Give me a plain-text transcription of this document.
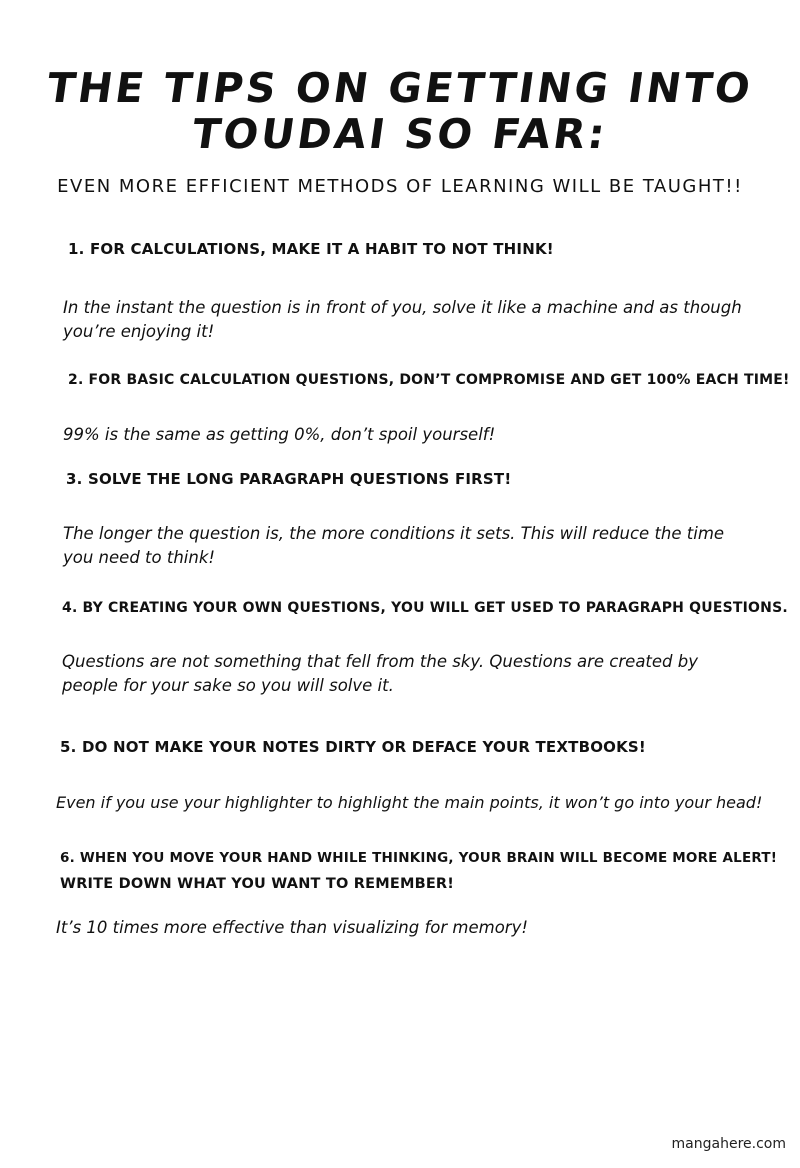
THE TIPS ON GETTING INTO
TOUDAI SO FAR:

EVEN MORE EFFICIENT METHODS OF LEARNING WILL BE TAUGHT!!

1. FOR CALCULATIONS, MAKE IT A HABIT TO NOT THINK!

In the instant the question is in front of you, solve it like a machine and as though you’re enjoying it!

2. FOR BASIC CALCULATION QUESTIONS, DON’T COMPROMISE AND GET 100% EACH TIME!

99% is the same as getting 0%, don’t spoil yourself!

3. SOLVE THE LONG PARAGRAPH QUESTIONS FIRST!

The longer the question is, the more conditions it sets. This will reduce the time you need to think!

4. BY CREATING YOUR OWN QUESTIONS, YOU WILL GET USED TO PARAGRAPH QUESTIONS.

Questions are not something that fell from the sky. Questions are created by people for your sake so you will solve it.

5. DO NOT MAKE YOUR NOTES DIRTY OR DEFACE YOUR TEXTBOOKS!

Even if you use your highlighter to highlight the main points, it won’t go into your head!

6. WHEN YOU MOVE YOUR HAND WHILE THINKING, YOUR BRAIN WILL BECOME MORE ALERT!

WRITE DOWN WHAT YOU WANT TO REMEMBER!

It’s 10 times more effective than visualizing for memory!

mangahere.com
